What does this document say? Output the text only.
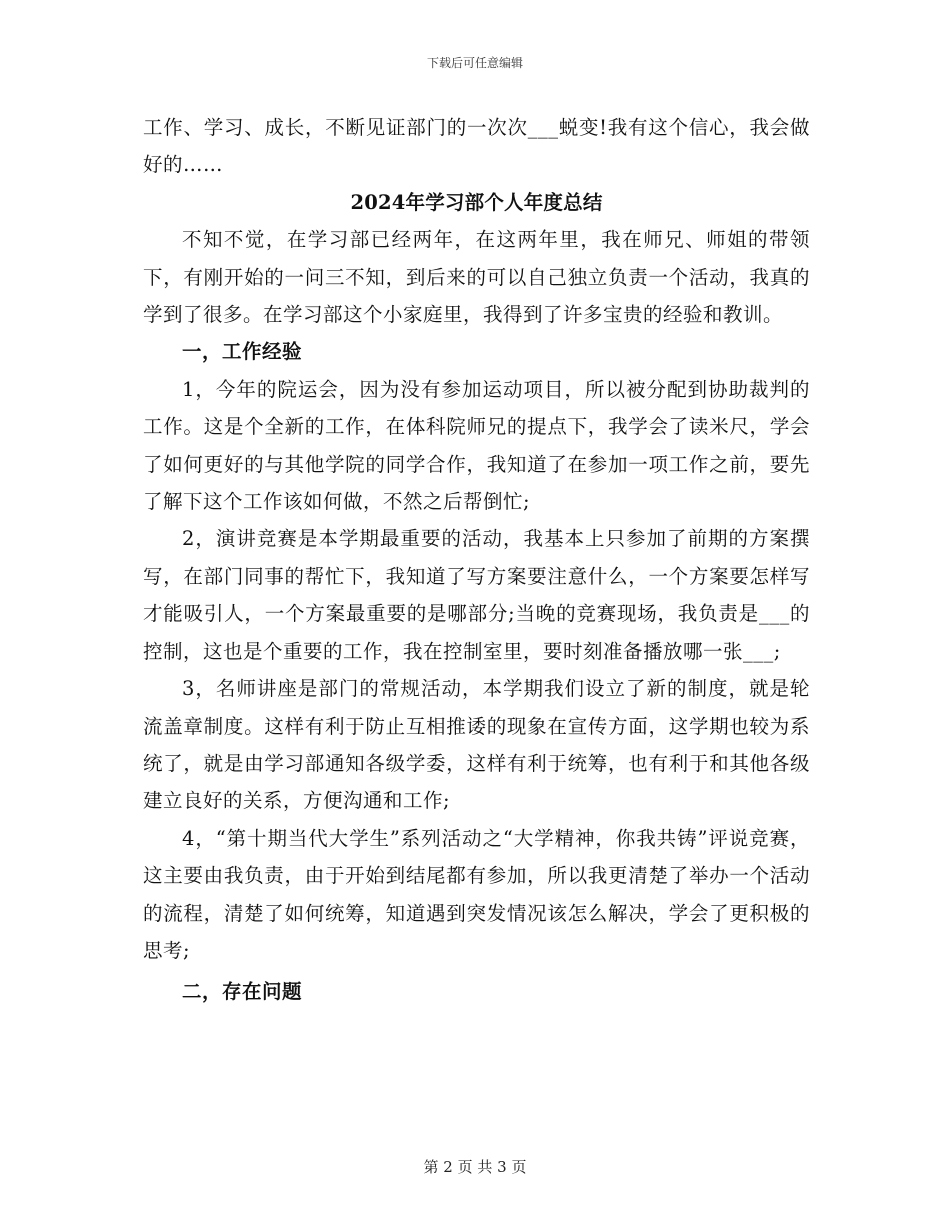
下载后可任意编辑

工作、学习、成长，不断见证部门的一次次___蜕变!我有这个信心，我会做好的……

2024年学习部个人年度总结

不知不觉，在学习部已经两年，在这两年里，我在师兄、师姐的带领下，有刚开始的一问三不知，到后来的可以自己独立负责一个活动，我真的学到了很多。在学习部这个小家庭里，我得到了许多宝贵的经验和教训。

一，工作经验

1，今年的院运会，因为没有参加运动项目，所以被分配到协助裁判的工作。这是个全新的工作，在体科院师兄的提点下，我学会了读米尺，学会了如何更好的与其他学院的同学合作，我知道了在参加一项工作之前，要先了解下这个工作该如何做，不然之后帮倒忙;

2，演讲竞赛是本学期最重要的活动，我基本上只参加了前期的方案撰写，在部门同事的帮忙下，我知道了写方案要注意什么，一个方案要怎样写才能吸引人，一个方案最重要的是哪部分;当晚的竞赛现场，我负责是___的控制，这也是个重要的工作，我在控制室里，要时刻准备播放哪一张___;

3，名师讲座是部门的常规活动，本学期我们设立了新的制度，就是轮流盖章制度。这样有利于防止互相推诿的现象在宣传方面，这学期也较为系统了，就是由学习部通知各级学委，这样有利于统筹，也有利于和其他各级建立良好的关系，方便沟通和工作;

4，“第十期当代大学生”系列活动之“大学精神，你我共铸”评说竞赛，这主要由我负责，由于开始到结尾都有参加，所以我更清楚了举办一个活动的流程，清楚了如何统筹，知道遇到突发情况该怎么解决，学会了更积极的思考;

二，存在问题

第 2 页 共 3 页
